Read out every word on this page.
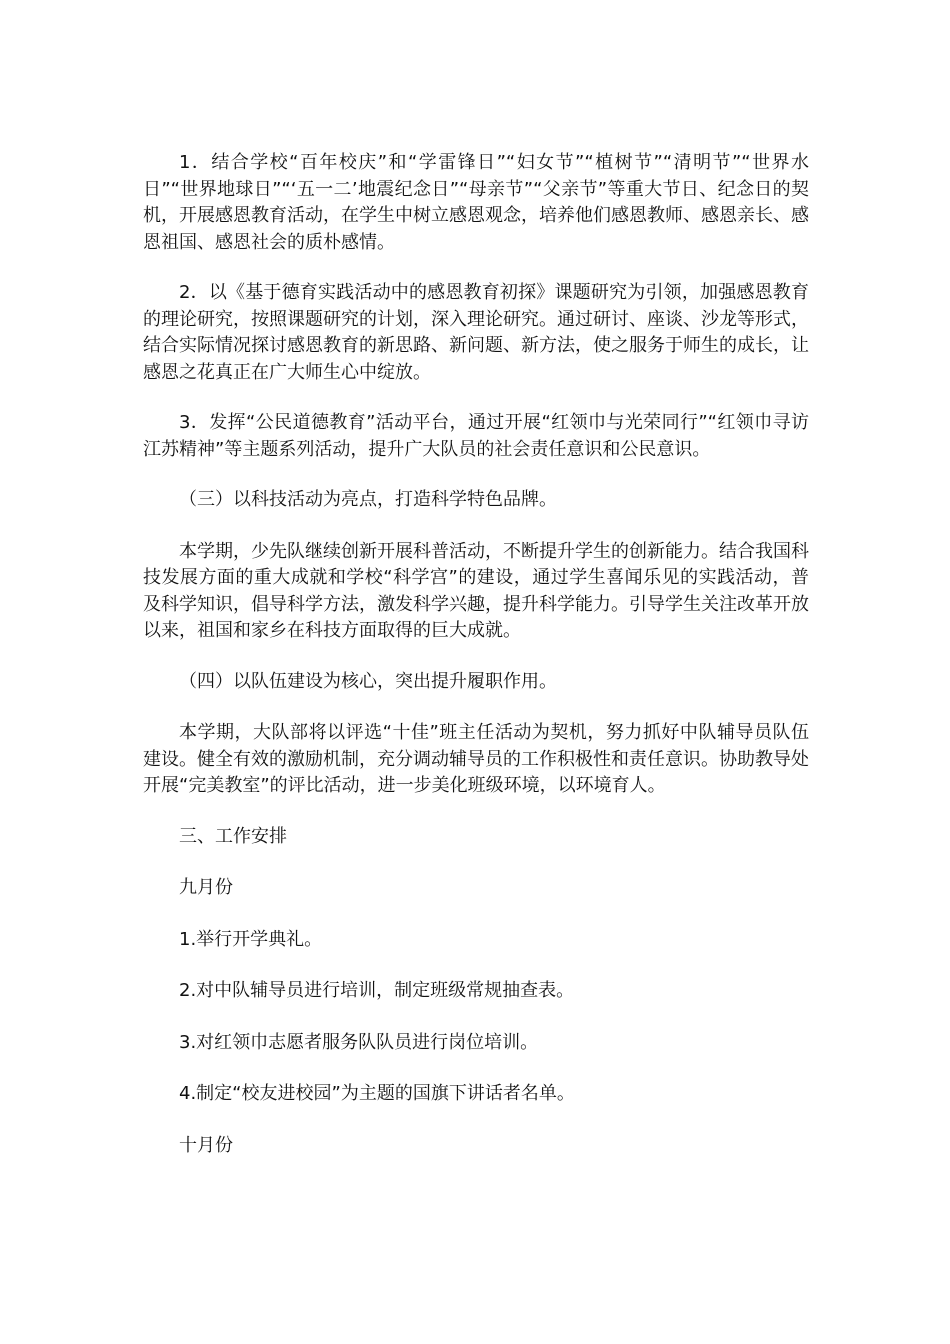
1．结合学校“百年校庆”和“学雷锋日”“妇女节”“植树节”“清明节”“世界水日”“世界地球日”“‘五一二’地震纪念日”“母亲节”“父亲节”等重大节日、纪念日的契机，开展感恩教育活动，在学生中树立感恩观念，培养他们感恩教师、感恩亲长、感恩祖国、感恩社会的质朴感情。

2．以《基于德育实践活动中的感恩教育初探》课题研究为引领，加强感恩教育的理论研究，按照课题研究的计划，深入理论研究。通过研讨、座谈、沙龙等形式，结合实际情况探讨感恩教育的新思路、新问题、新方法，使之服务于师生的成长，让感恩之花真正在广大师生心中绽放。

3．发挥“公民道德教育”活动平台，通过开展“红领巾与光荣同行”“红领巾寻访江苏精神”等主题系列活动，提升广大队员的社会责任意识和公民意识。

（三）以科技活动为亮点，打造科学特色品牌。

本学期，少先队继续创新开展科普活动，不断提升学生的创新能力。结合我国科技发展方面的重大成就和学校“科学宫”的建设，通过学生喜闻乐见的实践活动，普及科学知识，倡导科学方法，激发科学兴趣，提升科学能力。引导学生关注改革开放以来，祖国和家乡在科技方面取得的巨大成就。

（四）以队伍建设为核心，突出提升履职作用。

本学期，大队部将以评选“十佳”班主任活动为契机，努力抓好中队辅导员队伍建设。健全有效的激励机制，充分调动辅导员的工作积极性和责任意识。协助教导处开展“完美教室”的评比活动，进一步美化班级环境，以环境育人。

三、工作安排

九月份

1.举行开学典礼。

2.对中队辅导员进行培训，制定班级常规抽查表。

3.对红领巾志愿者服务队队员进行岗位培训。

4.制定“校友进校园”为主题的国旗下讲话者名单。

十月份
